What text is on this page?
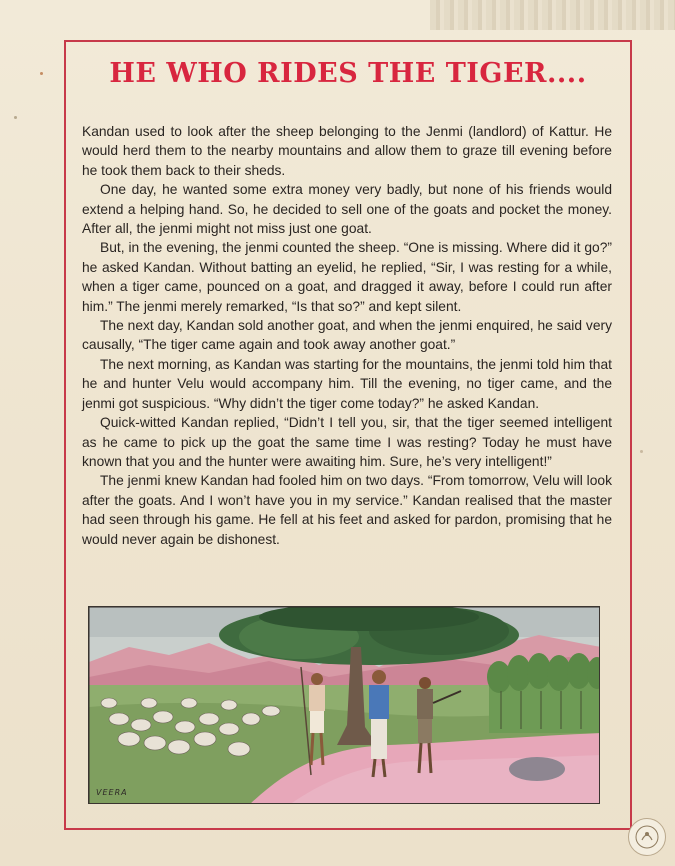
HE WHO RIDES THE TIGER....

Kandan used to look after the sheep belonging to the Jenmi (landlord) of Kattur. He would herd them to the nearby mountains and allow them to graze till evening before he took them back to their sheds.

One day, he wanted some extra money very badly, but none of his friends would extend a helping hand. So, he decided to sell one of the goats and pocket the money. After all, the jenmi might not miss just one goat.

But, in the evening, the jenmi counted the sheep. “One is missing. Where did it go?” he asked Kandan. Without batting an eyelid, he replied, “Sir, I was resting for a while, when a tiger came, pounced on a goat, and dragged it away, before I could run after him.” The jenmi merely remarked, “Is that so?” and kept silent.

The next day, Kandan sold another goat, and when the jenmi enquired, he said very causally, “The tiger came again and took away another goat.”

The next morning, as Kandan was starting for the mountains, the jenmi told him that he and hunter Velu would accompany him. Till the evening, no tiger came, and the jenmi got suspicious. “Why didn’t the tiger come today?” he asked Kandan.

Quick-witted Kandan replied, “Didn’t I tell you, sir, that the tiger seemed intelligent as he came to pick up the goat the same time I was resting? Today he must have known that you and the hunter were awaiting him. Sure, he’s very intelligent!”

The jenmi knew Kandan had fooled him on two days. “From tomorrow, Velu will look after the goats. And I won’t have you in my service.” Kandan realised that the master had seen through his game. He fell at his feet and asked for pardon, promising that he would never again be dishonest.

VEERA
